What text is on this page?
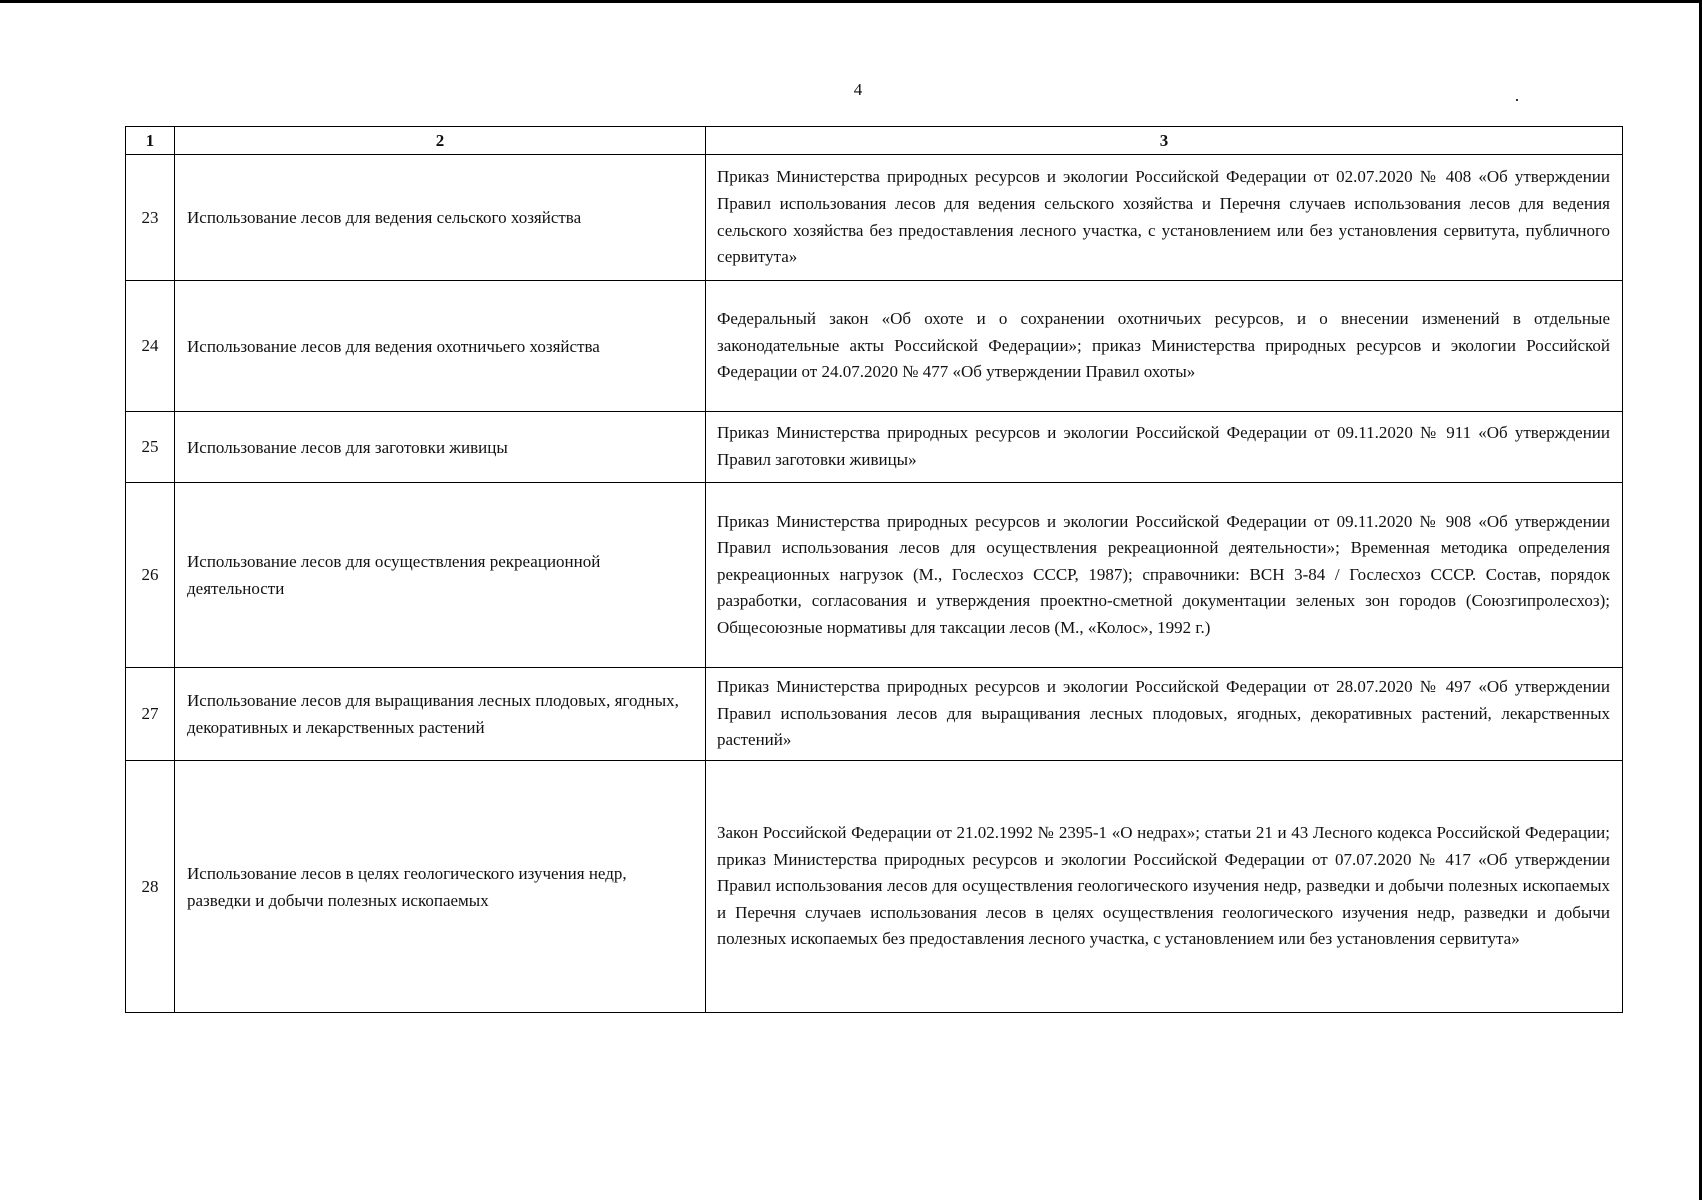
4
1	2	3
23	Использование лесов для ведения сельского хозяйства	Приказ Министерства природных ресурсов и экологии Российской Федерации от 02.07.2020 № 408 «Об утверждении Правил использования лесов для ведения сельского хозяйства и Перечня случаев использования лесов для ведения сельского хозяйства без предоставления лесного участка, с установлением или без установления сервитута, публичного сервитута»
24	Использование лесов для ведения охотничьего хозяйства	Федеральный закон «Об охоте и о сохранении охотничьих ресурсов, и о внесении изменений в отдельные законодательные акты Российской Федерации»; приказ Министерства природных ресурсов и экологии Российской Федерации от 24.07.2020 № 477 «Об утверждении Правил охоты»
25	Использование лесов для заготовки живицы	Приказ Министерства природных ресурсов и экологии Российской Федерации от 09.11.2020 № 911 «Об утверждении Правил заготовки живицы»
26	Использование лесов для осуществления рекреационной деятельности	Приказ Министерства природных ресурсов и экологии Российской Федерации от 09.11.2020 № 908 «Об утверждении Правил использования лесов для осуществления рекреационной деятельности»; Временная методика определения рекреационных нагрузок (М., Гослесхоз СССР, 1987); справочники: ВСН 3-84 / Гослесхоз СССР. Состав, порядок разработки, согласования и утверждения проектно-сметной документации зеленых зон городов (Союзгипролесхоз); Общесоюзные нормативы для таксации лесов (М., «Колос», 1992 г.)
27	Использование лесов для выращивания лесных плодовых, ягодных, декоративных и лекарственных растений	Приказ Министерства природных ресурсов и экологии Российской Федерации от 28.07.2020 № 497 «Об утверждении Правил использования лесов для выращивания лесных плодовых, ягодных, декоративных растений, лекарственных растений»
28	Использование лесов в целях геологического изучения недр, разведки и добычи полезных ископаемых	Закон Российской Федерации от 21.02.1992 № 2395-1 «О недрах»; статьи 21 и 43 Лесного кодекса Российской Федерации; приказ Министерства природных ресурсов и экологии Российской Федерации от 07.07.2020 № 417 «Об утверждении Правил использования лесов для осуществления геологического изучения недр, разведки и добычи полезных ископаемых и Перечня случаев использования лесов в целях осуществления геологического изучения недр, разведки и добычи полезных ископаемых без предоставления лесного участка, с установлением или без установления сервитута»
